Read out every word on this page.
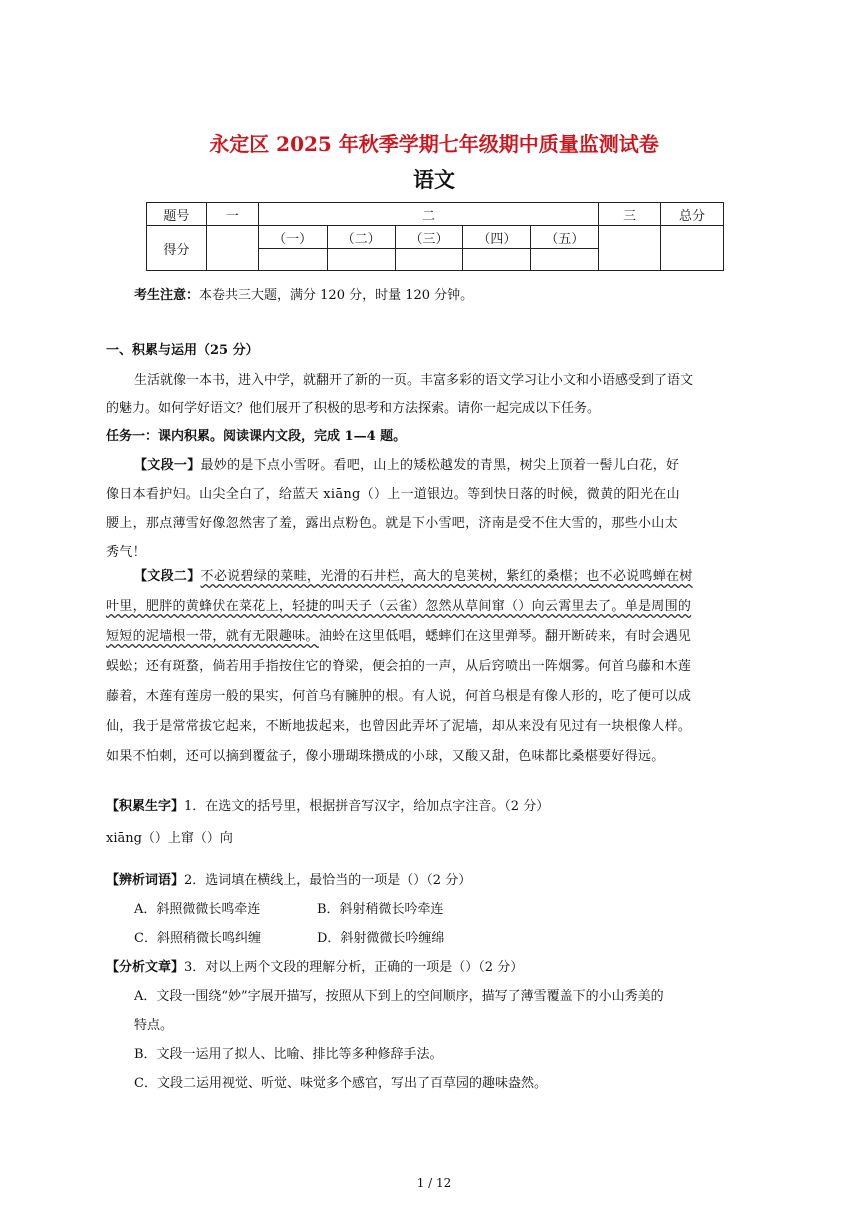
永定区 2025 年秋季学期七年级期中质量监测试卷
语文
题号	一	二					三	总分
得分		（一）	（二）	（三）	（四）	（五）		

考生注意：本卷共三大题，满分 120 分，时量 120 分钟。
一、积累与运用（25 分）
生活就像一本书，进入中学，就翻开了新的一页。丰富多彩的语文学习让小文和小语感受到了语文
的魅力。如何学好语文？他们展开了积极的思考和方法探索。请你一起完成以下任务。
任务一：课内积累。阅读课内文段，完成 1—4 题。
【文段一】最妙的是下点小雪呀。看吧，山上的矮松越发的青黑，树尖上顶着一髻儿白花，好
像日本看护妇。山尖全白了，给蓝天 xiāng（）上一道银边。等到快日落的时候，微黄的阳光在山
腰上，那点薄雪好像忽然害了羞，露出点粉色。就是下小雪吧，济南是受不住大雪的，那些小山太
秀气！
【文段二】不必说碧绿的菜畦，光滑的石井栏，高大的皂荚树，紫红的桑椹；也不必说鸣蝉在树
叶里，肥胖的黄蜂伏在菜花上，轻捷的叫天子（云雀）忽然从草间窜（）向云霄里去了。单是周围的
短短的泥墙根一带，就有无限趣味。油蛉在这里低唱，蟋蟀们在这里弹琴。翻开断砖来，有时会遇见
蜈蚣；还有斑蝥，倘若用手指按住它的脊梁，便会拍的一声，从后窍喷出一阵烟雾。何首乌藤和木莲
藤着，木莲有莲房一般的果实，何首乌有臃肿的根。有人说，何首乌根是有像人形的，吃了便可以成
仙，我于是常常拔它起来，不断地拔起来，也曾因此弄坏了泥墙，却从来没有见过有一块根像人样。
如果不怕刺，还可以摘到覆盆子，像小珊瑚珠攒成的小球，又酸又甜，色味都比桑椹要好得远。
【积累生字】1．在选文的括号里，根据拼音写汉字，给加点字注音。（2 分）
xiāng（）上窜（）向
【辨析词语】2．选词填在横线上，最恰当的一项是（）（2 分）
A．斜照微微长鸣牵连	B．斜射稍微长吟牵连
C．斜照稍微长鸣纠缠	D．斜射微微长吟缠绵
【分析文章】3．对以上两个文段的理解分析，正确的一项是（）（2 分）
A．文段一围绕“妙”字展开描写，按照从下到上的空间顺序，描写了薄雪覆盖下的小山秀美的
特点。
B．文段一运用了拟人、比喻、排比等多种修辞手法。
C．文段二运用视觉、听觉、味觉多个感官，写出了百草园的趣味盎然。
1 / 12
